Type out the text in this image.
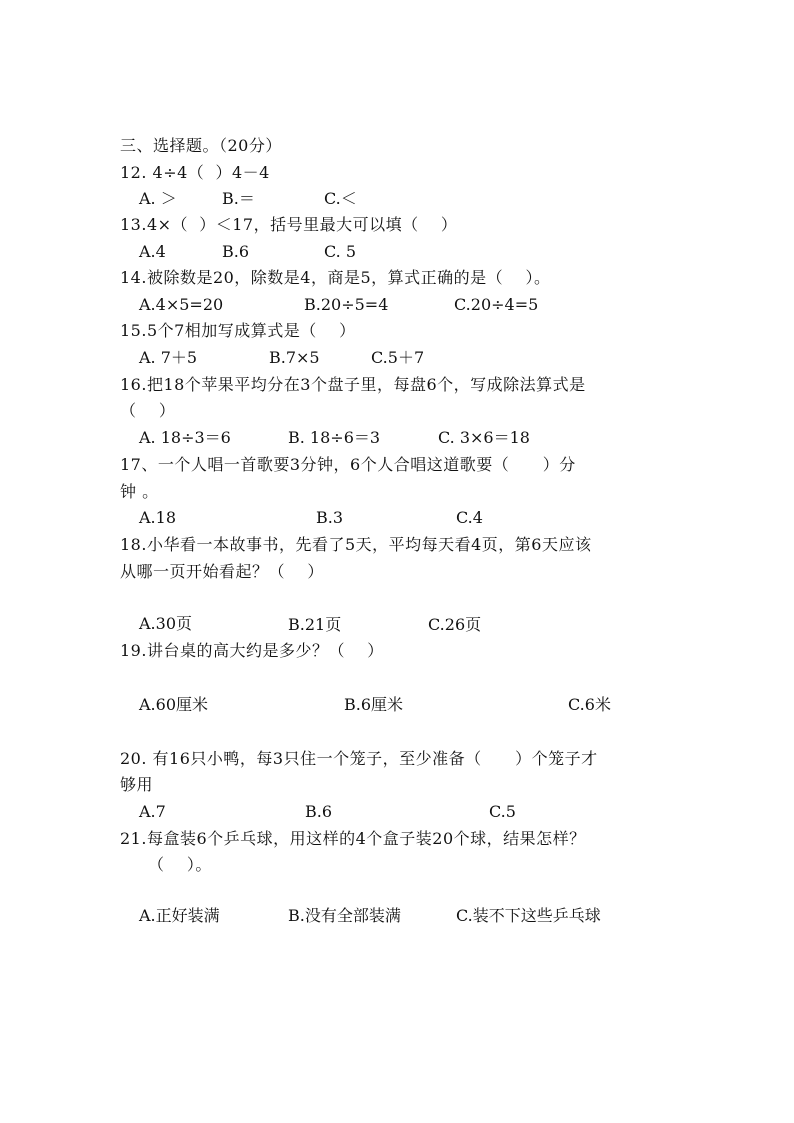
三、选择题。（20分）
12. 4÷4（  ）4－4
A. ＞	B.＝	C.＜
13.4×（  ）＜17，括号里最大可以填（    ）
A.4	B.6	C. 5
14.被除数是20，除数是4，商是5，算式正确的是（    ）。
A.4×5=20	B.20÷5=4	C.20÷4=5
15.5个7相加写成算式是（    ）
A. 7＋5	B.7×5	C.5＋7
16.把18个苹果平均分在3个盘子里，每盘6个，写成除法算式是
（    ）
A. 18÷3＝6	B. 18÷6＝3	C. 3×6＝18
17、一个人唱一首歌要3分钟，6个人合唱这道歌要（      ）分
钟 。
A.18	B.3	C.4
18.小华看一本故事书，先看了5天，平均每天看4页，第6天应该
从哪一页开始看起？（    ）
A.30页	B.21页	C.26页
19.讲台桌的高大约是多少？（    ）
A.60厘米	B.6厘米	C.6米
20. 有16只小鸭，每3只住一个笼子，至少准备（      ）个笼子才
够用
A.7	B.6	C.5
21.每盒装6个乒乓球，用这样的4个盒子装20个球，结果怎样？
（    ）。
A.正好装满	B.没有全部装满	C.装不下这些乒乓球
